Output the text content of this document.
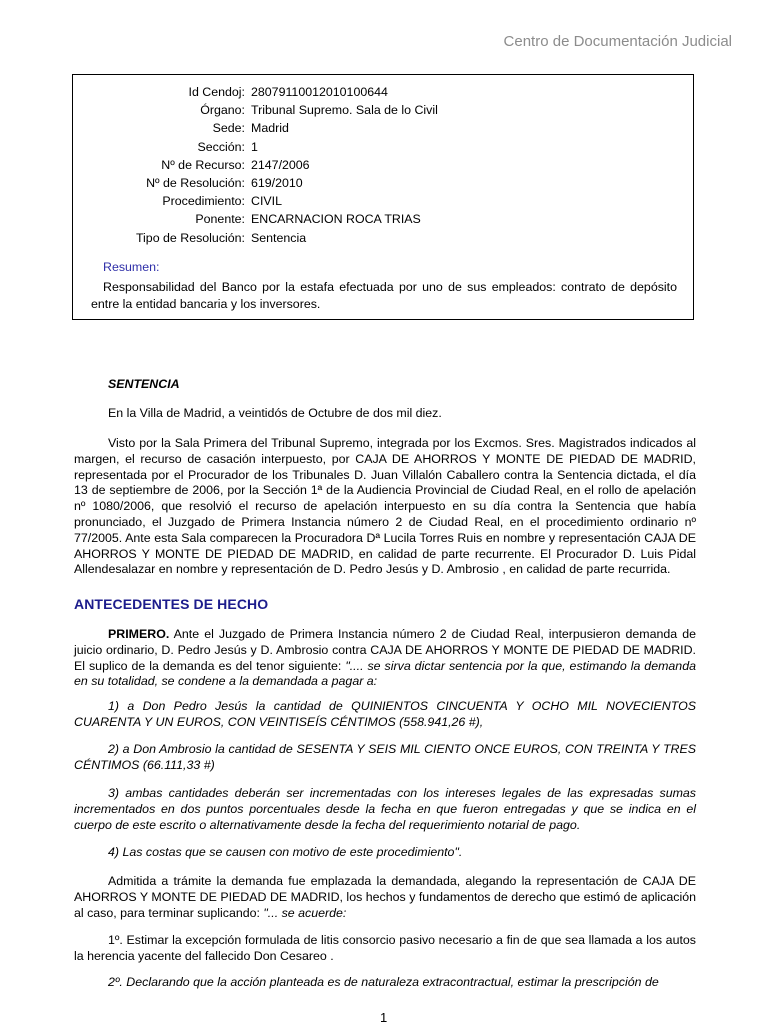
Centro de Documentación Judicial
Id Cendoj: 28079110012010100644
Órgano: Tribunal Supremo. Sala de lo Civil
Sede: Madrid
Sección: 1
Nº de Recurso: 2147/2006
Nº de Resolución: 619/2010
Procedimiento: CIVIL
Ponente: ENCARNACION ROCA TRIAS
Tipo de Resolución: Sentencia
Resumen:
Responsabilidad del Banco por la estafa efectuada por uno de sus empleados: contrato de depósito entre la entidad bancaria y los inversores.
SENTENCIA
En la Villa de Madrid, a veintidós de Octubre de dos mil diez.
Visto por la Sala Primera del Tribunal Supremo, integrada por los Excmos. Sres. Magistrados indicados al margen, el recurso de casación interpuesto, por CAJA DE AHORROS Y MONTE DE PIEDAD DE MADRID, representada por el Procurador de los Tribunales D. Juan Villalón Caballero contra la Sentencia dictada, el día 13 de septiembre de 2006, por la Sección 1ª de la Audiencia Provincial de Ciudad Real, en el rollo de apelación nº 1080/2006, que resolvió el recurso de apelación interpuesto en su día contra la Sentencia que había pronunciado, el Juzgado de Primera Instancia número 2 de Ciudad Real, en el procedimiento ordinario nº 77/2005. Ante esta Sala comparecen la Procuradora Dª Lucila Torres Ruis en nombre y representación CAJA DE AHORROS Y MONTE DE PIEDAD DE MADRID, en calidad de parte recurrente. El Procurador D. Luis Pidal Allendesalazar en nombre y representación de D. Pedro Jesús y D. Ambrosio , en calidad de parte recurrida.
ANTECEDENTES DE HECHO
PRIMERO. Ante el Juzgado de Primera Instancia número 2 de Ciudad Real, interpusieron demanda de juicio ordinario, D. Pedro Jesús y D. Ambrosio contra CAJA DE AHORROS Y MONTE DE PIEDAD DE MADRID. El suplico de la demanda es del tenor siguiente: ".... se sirva dictar sentencia por la que, estimando la demanda en su totalidad, se condene a la demandada a pagar a:
1) a Don Pedro Jesús la cantidad de QUINIENTOS CINCUENTA Y OCHO MIL NOVECIENTOS CUARENTA Y UN EUROS, CON VEINTISEÍS CÉNTIMOS (558.941,26 #),
2) a Don Ambrosio la cantidad de SESENTA Y SEIS MIL CIENTO ONCE EUROS, CON TREINTA Y TRES CÉNTIMOS (66.111,33 #)
3) ambas cantidades deberán ser incrementadas con los intereses legales de las expresadas sumas incrementados en dos puntos porcentuales desde la fecha en que fueron entregadas y que se indica en el cuerpo de este escrito o alternativamente desde la fecha del requerimiento notarial de pago.
4) Las costas que se causen con motivo de este procedimiento".
Admitida a trámite la demanda fue emplazada la demandada, alegando la representación de CAJA DE AHORROS Y MONTE DE PIEDAD DE MADRID, los hechos y fundamentos de derecho que estimó de aplicación al caso, para terminar suplicando: "... se acuerde:
1º. Estimar la excepción formulada de litis consorcio pasivo necesario a fin de que sea llamada a los autos la herencia yacente del fallecido Don Cesareo .
2º. Declarando que la acción planteada es de naturaleza extracontractual, estimar la prescripción de
1
